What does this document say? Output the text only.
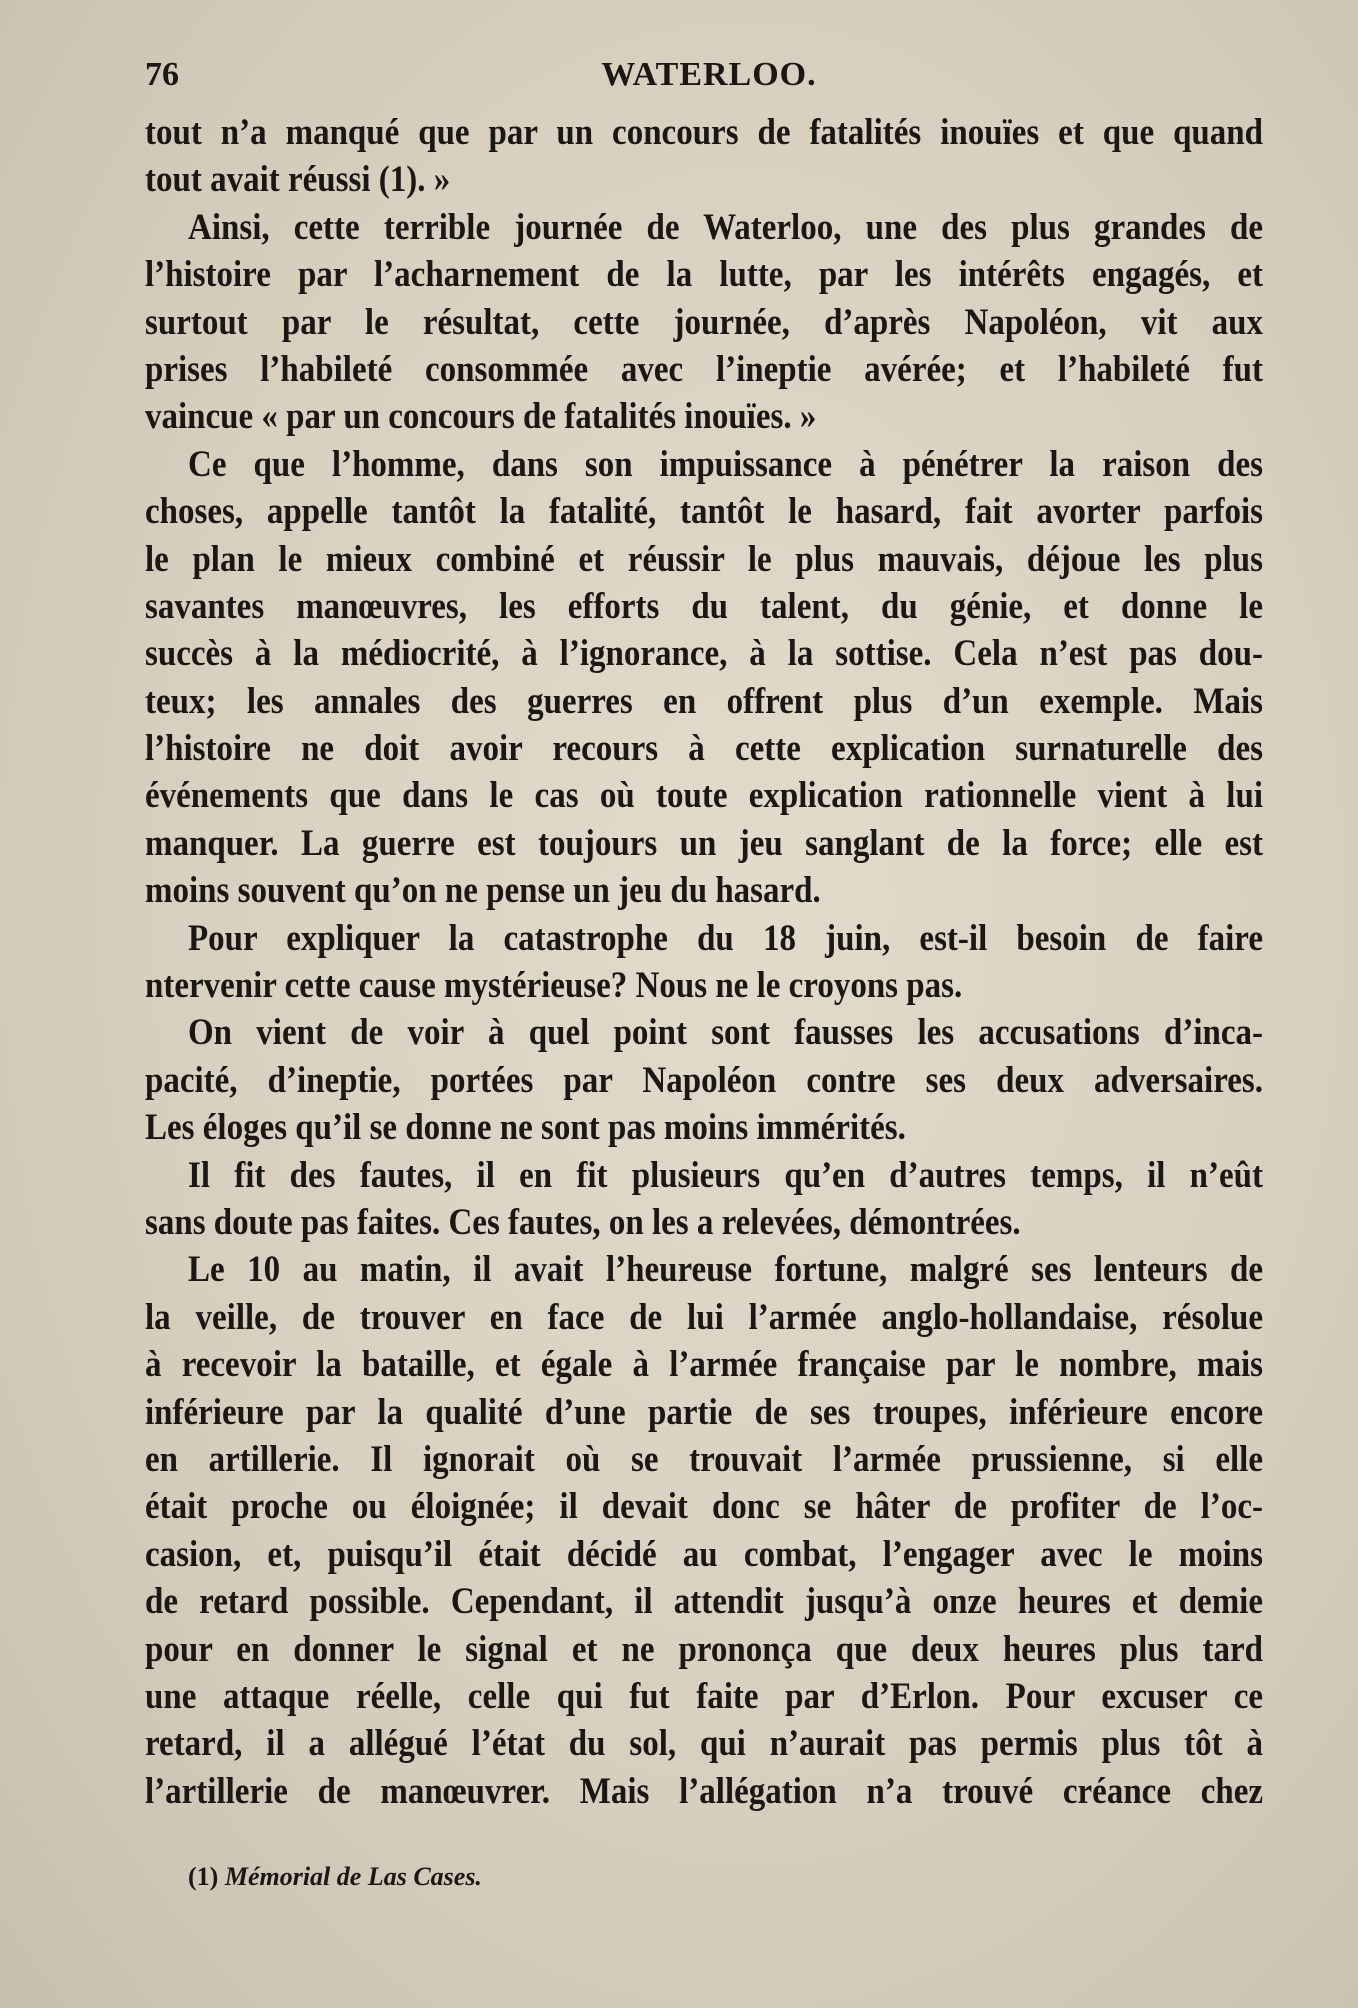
76	WATERLOO.
tout n’a manqué que par un concours de fatalités inouïes et que quand
tout avait réussi (1). »
Ainsi, cette terrible journée de Waterloo, une des plus grandes de
l’histoire par l’acharnement de la lutte, par les intérêts engagés, et
surtout par le résultat, cette journée, d’après Napoléon, vit aux
prises l’habileté consommée avec l’ineptie avérée; et l’habileté fut
vaincue « par un concours de fatalités inouïes. »
Ce que l’homme, dans son impuissance à pénétrer la raison des
choses, appelle tantôt la fatalité, tantôt le hasard, fait avorter parfois
le plan le mieux combiné et réussir le plus mauvais, déjoue les plus
savantes manœuvres, les efforts du talent, du génie, et donne le
succès à la médiocrité, à l’ignorance, à la sottise. Cela n’est pas dou-
teux; les annales des guerres en offrent plus d’un exemple. Mais
l’histoire ne doit avoir recours à cette explication surnaturelle des
événements que dans le cas où toute explication rationnelle vient à lui
manquer. La guerre est toujours un jeu sanglant de la force; elle est
moins souvent qu’on ne pense un jeu du hasard.
Pour expliquer la catastrophe du 18 juin, est-il besoin de faire
ntervenir cette cause mystérieuse? Nous ne le croyons pas.
On vient de voir à quel point sont fausses les accusations d’inca-
pacité, d’ineptie, portées par Napoléon contre ses deux adversaires.
Les éloges qu’il se donne ne sont pas moins immérités.
Il fit des fautes, il en fit plusieurs qu’en d’autres temps, il n’eût
sans doute pas faites. Ces fautes, on les a relevées, démontrées.
Le 10 au matin, il avait l’heureuse fortune, malgré ses lenteurs de
la veille, de trouver en face de lui l’armée anglo-hollandaise, résolue
à recevoir la bataille, et égale à l’armée française par le nombre, mais
inférieure par la qualité d’une partie de ses troupes, inférieure encore
en artillerie. Il ignorait où se trouvait l’armée prussienne, si elle
était proche ou éloignée; il devait donc se hâter de profiter de l’oc-
casion, et, puisqu’il était décidé au combat, l’engager avec le moins
de retard possible. Cependant, il attendit jusqu’à onze heures et demie
pour en donner le signal et ne prononça que deux heures plus tard
une attaque réelle, celle qui fut faite par d’Erlon. Pour excuser ce
retard, il a allégué l’état du sol, qui n’aurait pas permis plus tôt à
l’artillerie de manœuvrer. Mais l’allégation n’a trouvé créance chez
(1) Mémorial de Las Cases.
